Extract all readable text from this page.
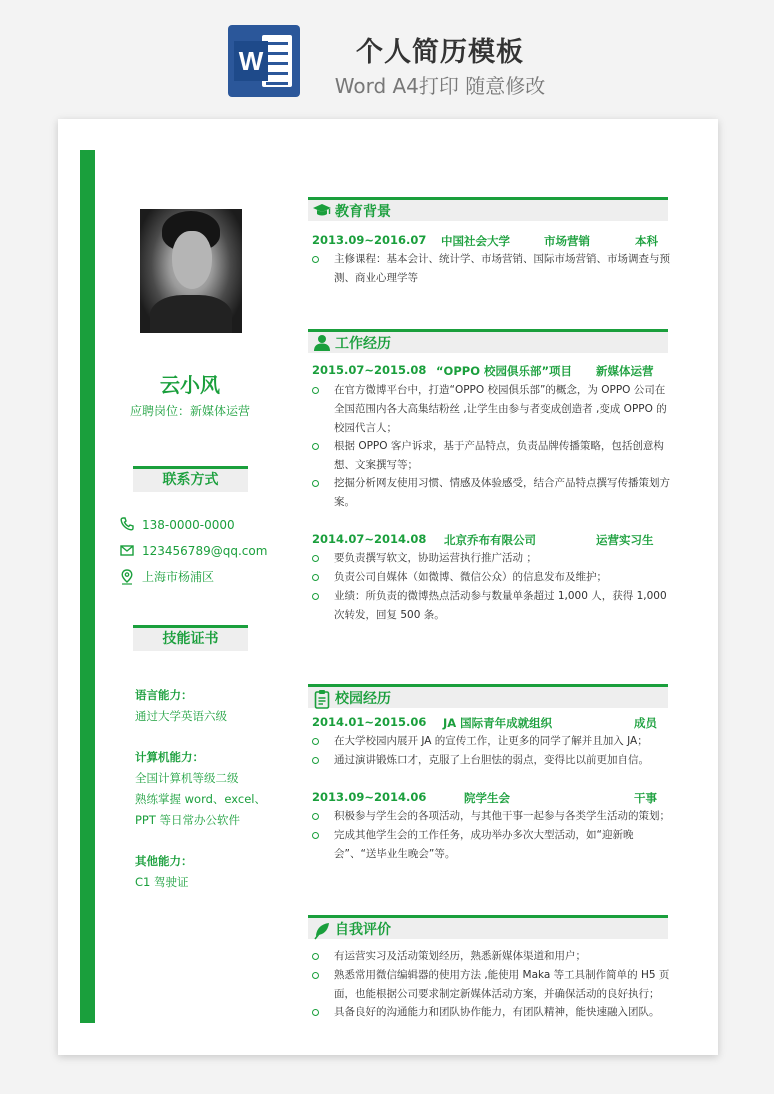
W	个人简历模板
Word A4打印 随意修改
云小风
应聘岗位：新媒体运营
联系方式
138-0000-0000
123456789@qq.com
上海市杨浦区
技能证书
语言能力：
通过大学英语六级
计算机能力：
全国计算机等级二级
熟练掌握 word、excel、
PPT 等日常办公软件
其他能力：
C1 驾驶证
教育背景
2013.09~2016.07 中国社会大学	市场营销	本科

主修课程：基本会计、统计学、市场营销、国际市场营销、市场调查与预测、商业心理学等

工作经历
2015.07~2015.08 “OPPO 校园俱乐部”项目 新媒体运营

在官方微博平台中，打造“OPPO 校园俱乐部”的概念，为 OPPO 公司在全国范围内各大高集结粉丝 ,让学生由参与者变成创造者 ,变成 OPPO 的校园代言人；

根据 OPPO 客户诉求，基于产品特点，负责品牌传播策略，包括创意构想、文案撰写等；

挖掘分析网友使用习惯、情感及体验感受，结合产品特点撰写传播策划方案。

2014.07~2014.08 北京乔布有限公司	运营实习生

要负责撰写软文，协助运营执行推广活动 ；

负责公司自媒体（如微博、微信公众）的信息发布及维护；

业绩：所负责的微博热点活动参与数量单条超过 1,000 人，获得 1,000 次转发，回复 500 条。

校园经历
2014.01~2015.06 JA 国际青年成就组织	成员

在大学校园内展开 JA 的宣传工作，让更多的同学了解并且加入 JA；

通过演讲锻炼口才，克服了上台胆怯的弱点，变得比以前更加自信。

2013.09~2014.06	院学生会	干事

积极参与学生会的各项活动，与其他干事一起参与各类学生活动的策划；

完成其他学生会的工作任务，成功举办多次大型活动，如“迎新晚会”、“送毕业生晚会”等。

自我评价

有运营实习及活动策划经历，熟悉新媒体渠道和用户；

熟悉常用微信编辑器的使用方法 ,能使用 Maka 等工具制作简单的 H5 页面，也能根据公司要求制定新媒体活动方案，并确保活动的良好执行；

具备良好的沟通能力和团队协作能力，有团队精神，能快速融入团队。
